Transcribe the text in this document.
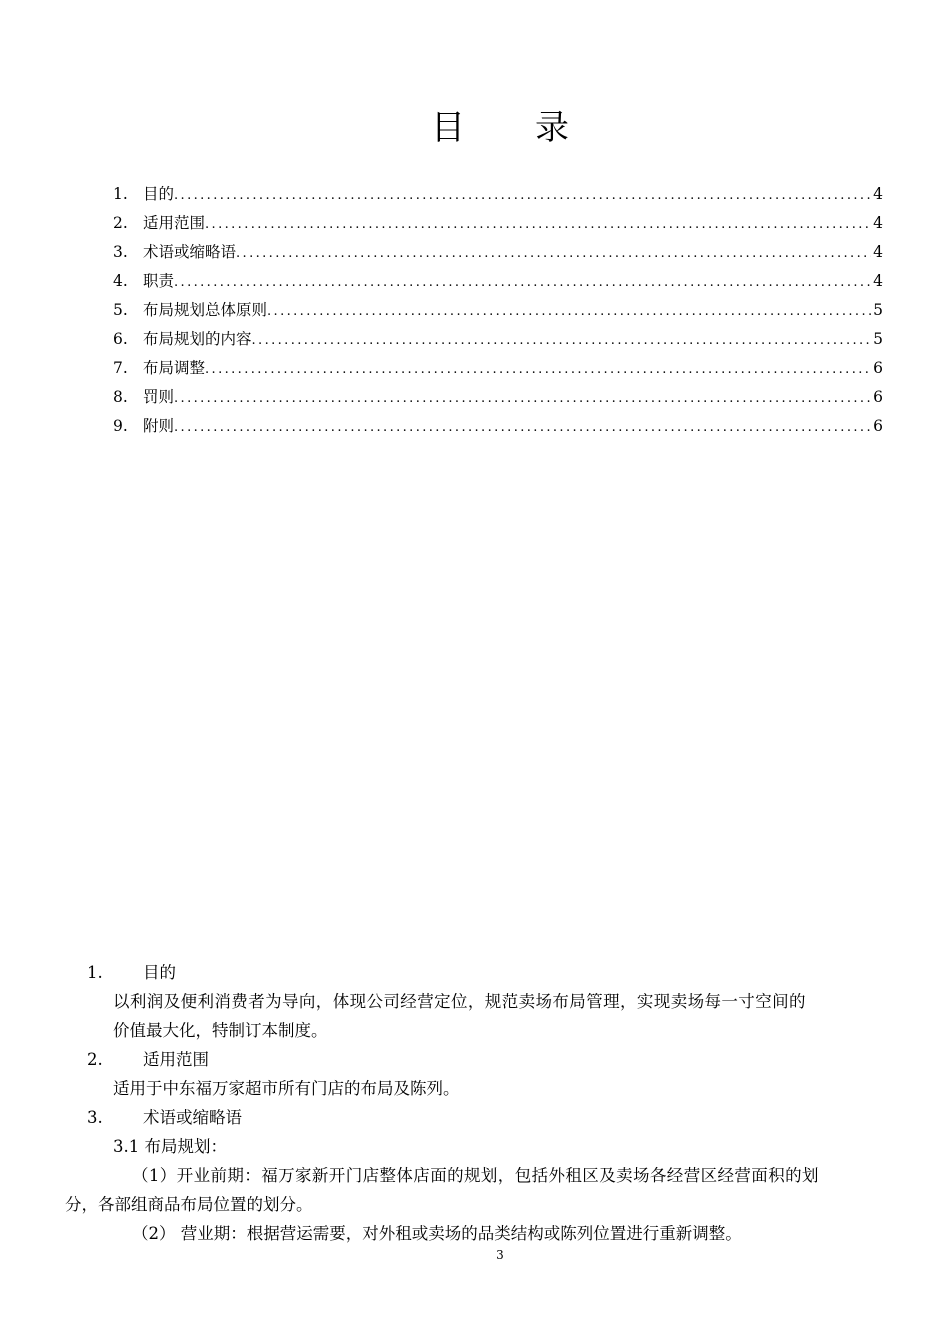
目 录
1. 目的 .....	4
2. 适用范围 .....	4
3. 术语或缩略语 .....	4
4. 职责 .....	4
5. 布局规划总体原则 .....	5
6. 布局规划的内容 .....	5
7. 布局调整 .....	6
8. 罚则 .....	6
9. 附则 .....	6
1. 目的
以利润及便利消费者为导向，体现公司经营定位，规范卖场布局管理，实现卖场每一寸空间的
价值最大化，特制订本制度。
2. 适用范围
适用于中东福万家超市所有门店的布局及陈列。
3. 术语或缩略语
3.1 布局规划：
（1）开业前期：福万家新开门店整体店面的规划，包括外租区及卖场各经营区经营面积的划
分，各部组商品布局位置的划分。
（2） 营业期：根据营运需要，对外租或卖场的品类结构或陈列位置进行重新调整。
3
